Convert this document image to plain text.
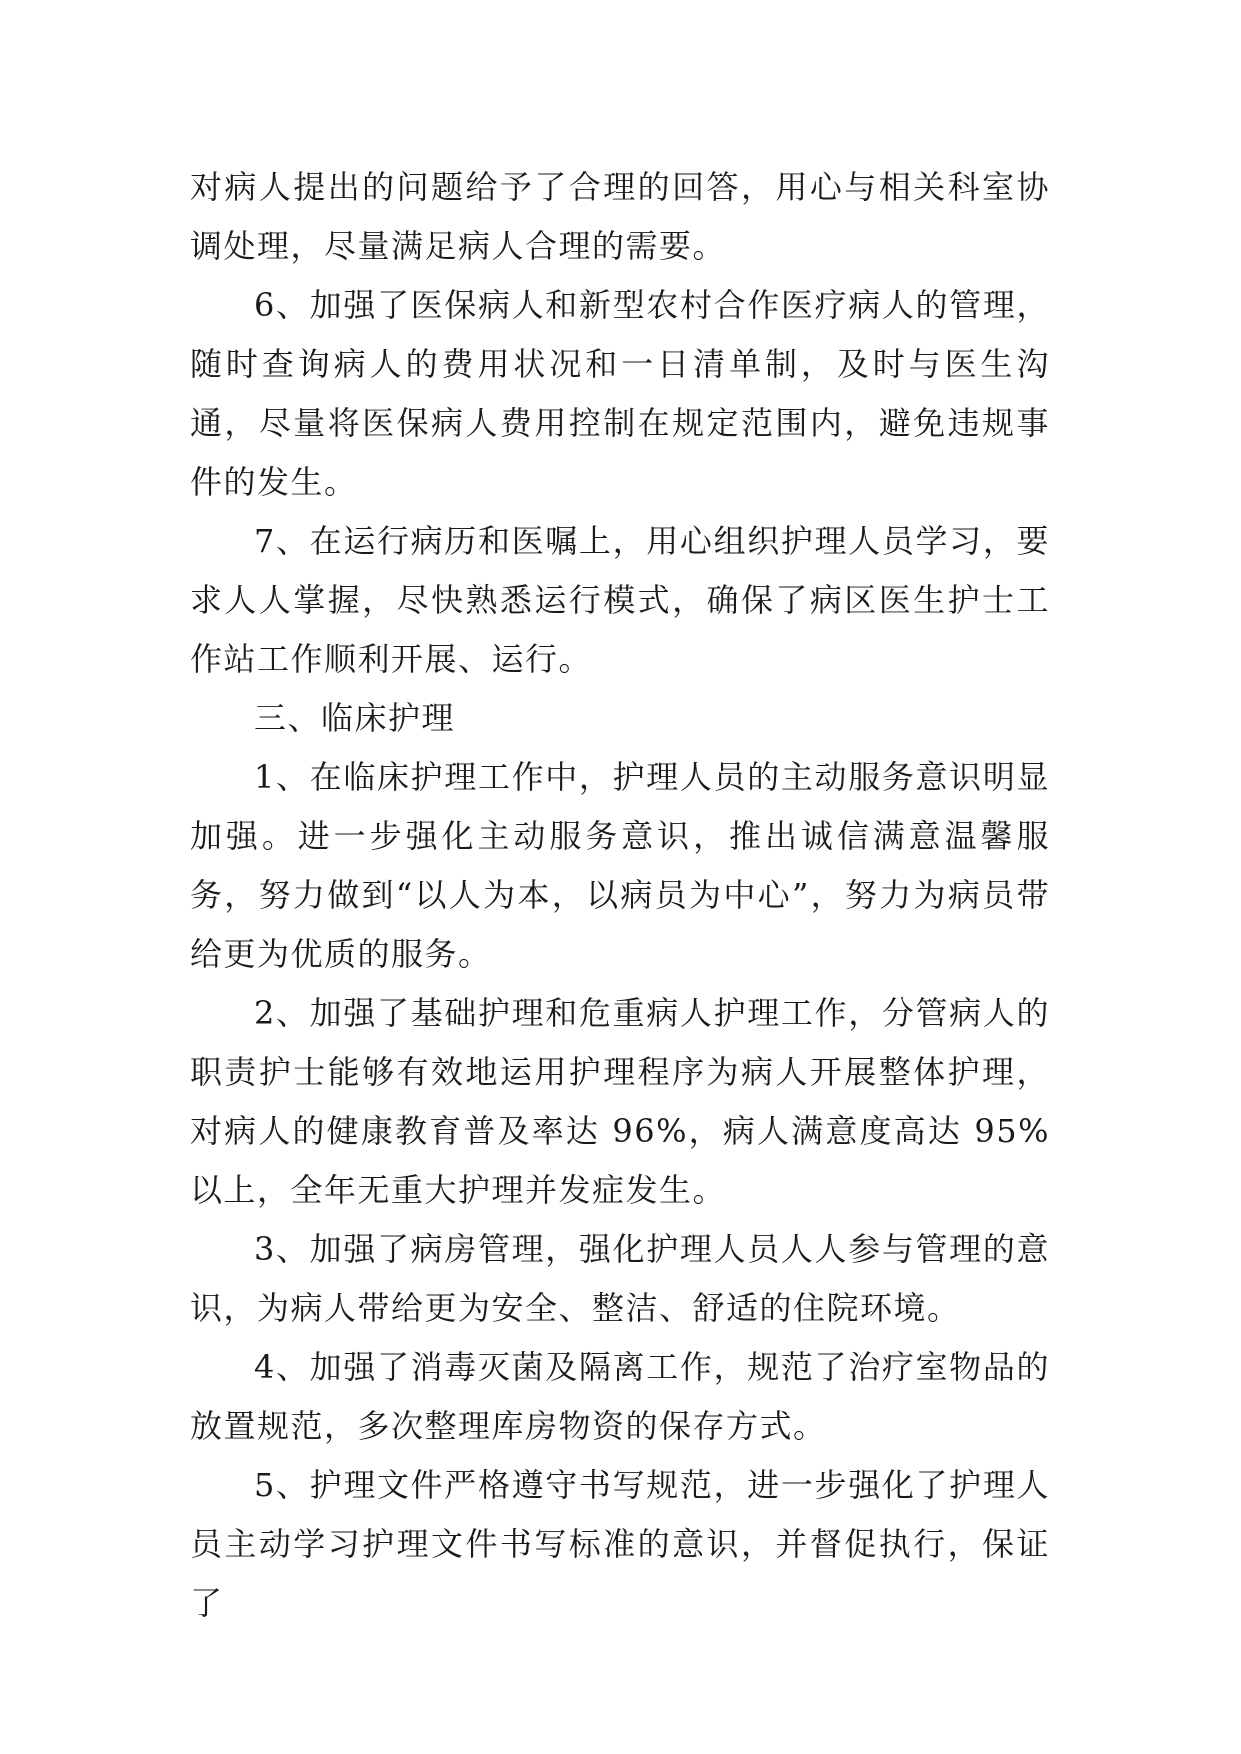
对病人提出的问题给予了合理的回答，用心与相关科室协调处理，尽量满足病人合理的需要。

6、加强了医保病人和新型农村合作医疗病人的管理，随时查询病人的费用状况和一日清单制，及时与医生沟通，尽量将医保病人费用控制在规定范围内，避免违规事件的发生。

7、在运行病历和医嘱上，用心组织护理人员学习，要求人人掌握，尽快熟悉运行模式，确保了病区医生护士工作站工作顺利开展、运行。

三、临床护理

1、在临床护理工作中，护理人员的主动服务意识明显加强。进一步强化主动服务意识，推出诚信满意温馨服务，努力做到“以人为本，以病员为中心”，努力为病员带给更为优质的服务。

2、加强了基础护理和危重病人护理工作，分管病人的职责护士能够有效地运用护理程序为病人开展整体护理，对病人的健康教育普及率达 96%，病人满意度高达 95%以上，全年无重大护理并发症发生。

3、加强了病房管理，强化护理人员人人参与管理的意识，为病人带给更为安全、整洁、舒适的住院环境。

4、加强了消毒灭菌及隔离工作，规范了治疗室物品的放置规范，多次整理库房物资的保存方式。

5、护理文件严格遵守书写规范，进一步强化了护理人员主动学习护理文件书写标准的意识，并督促执行，保证了
